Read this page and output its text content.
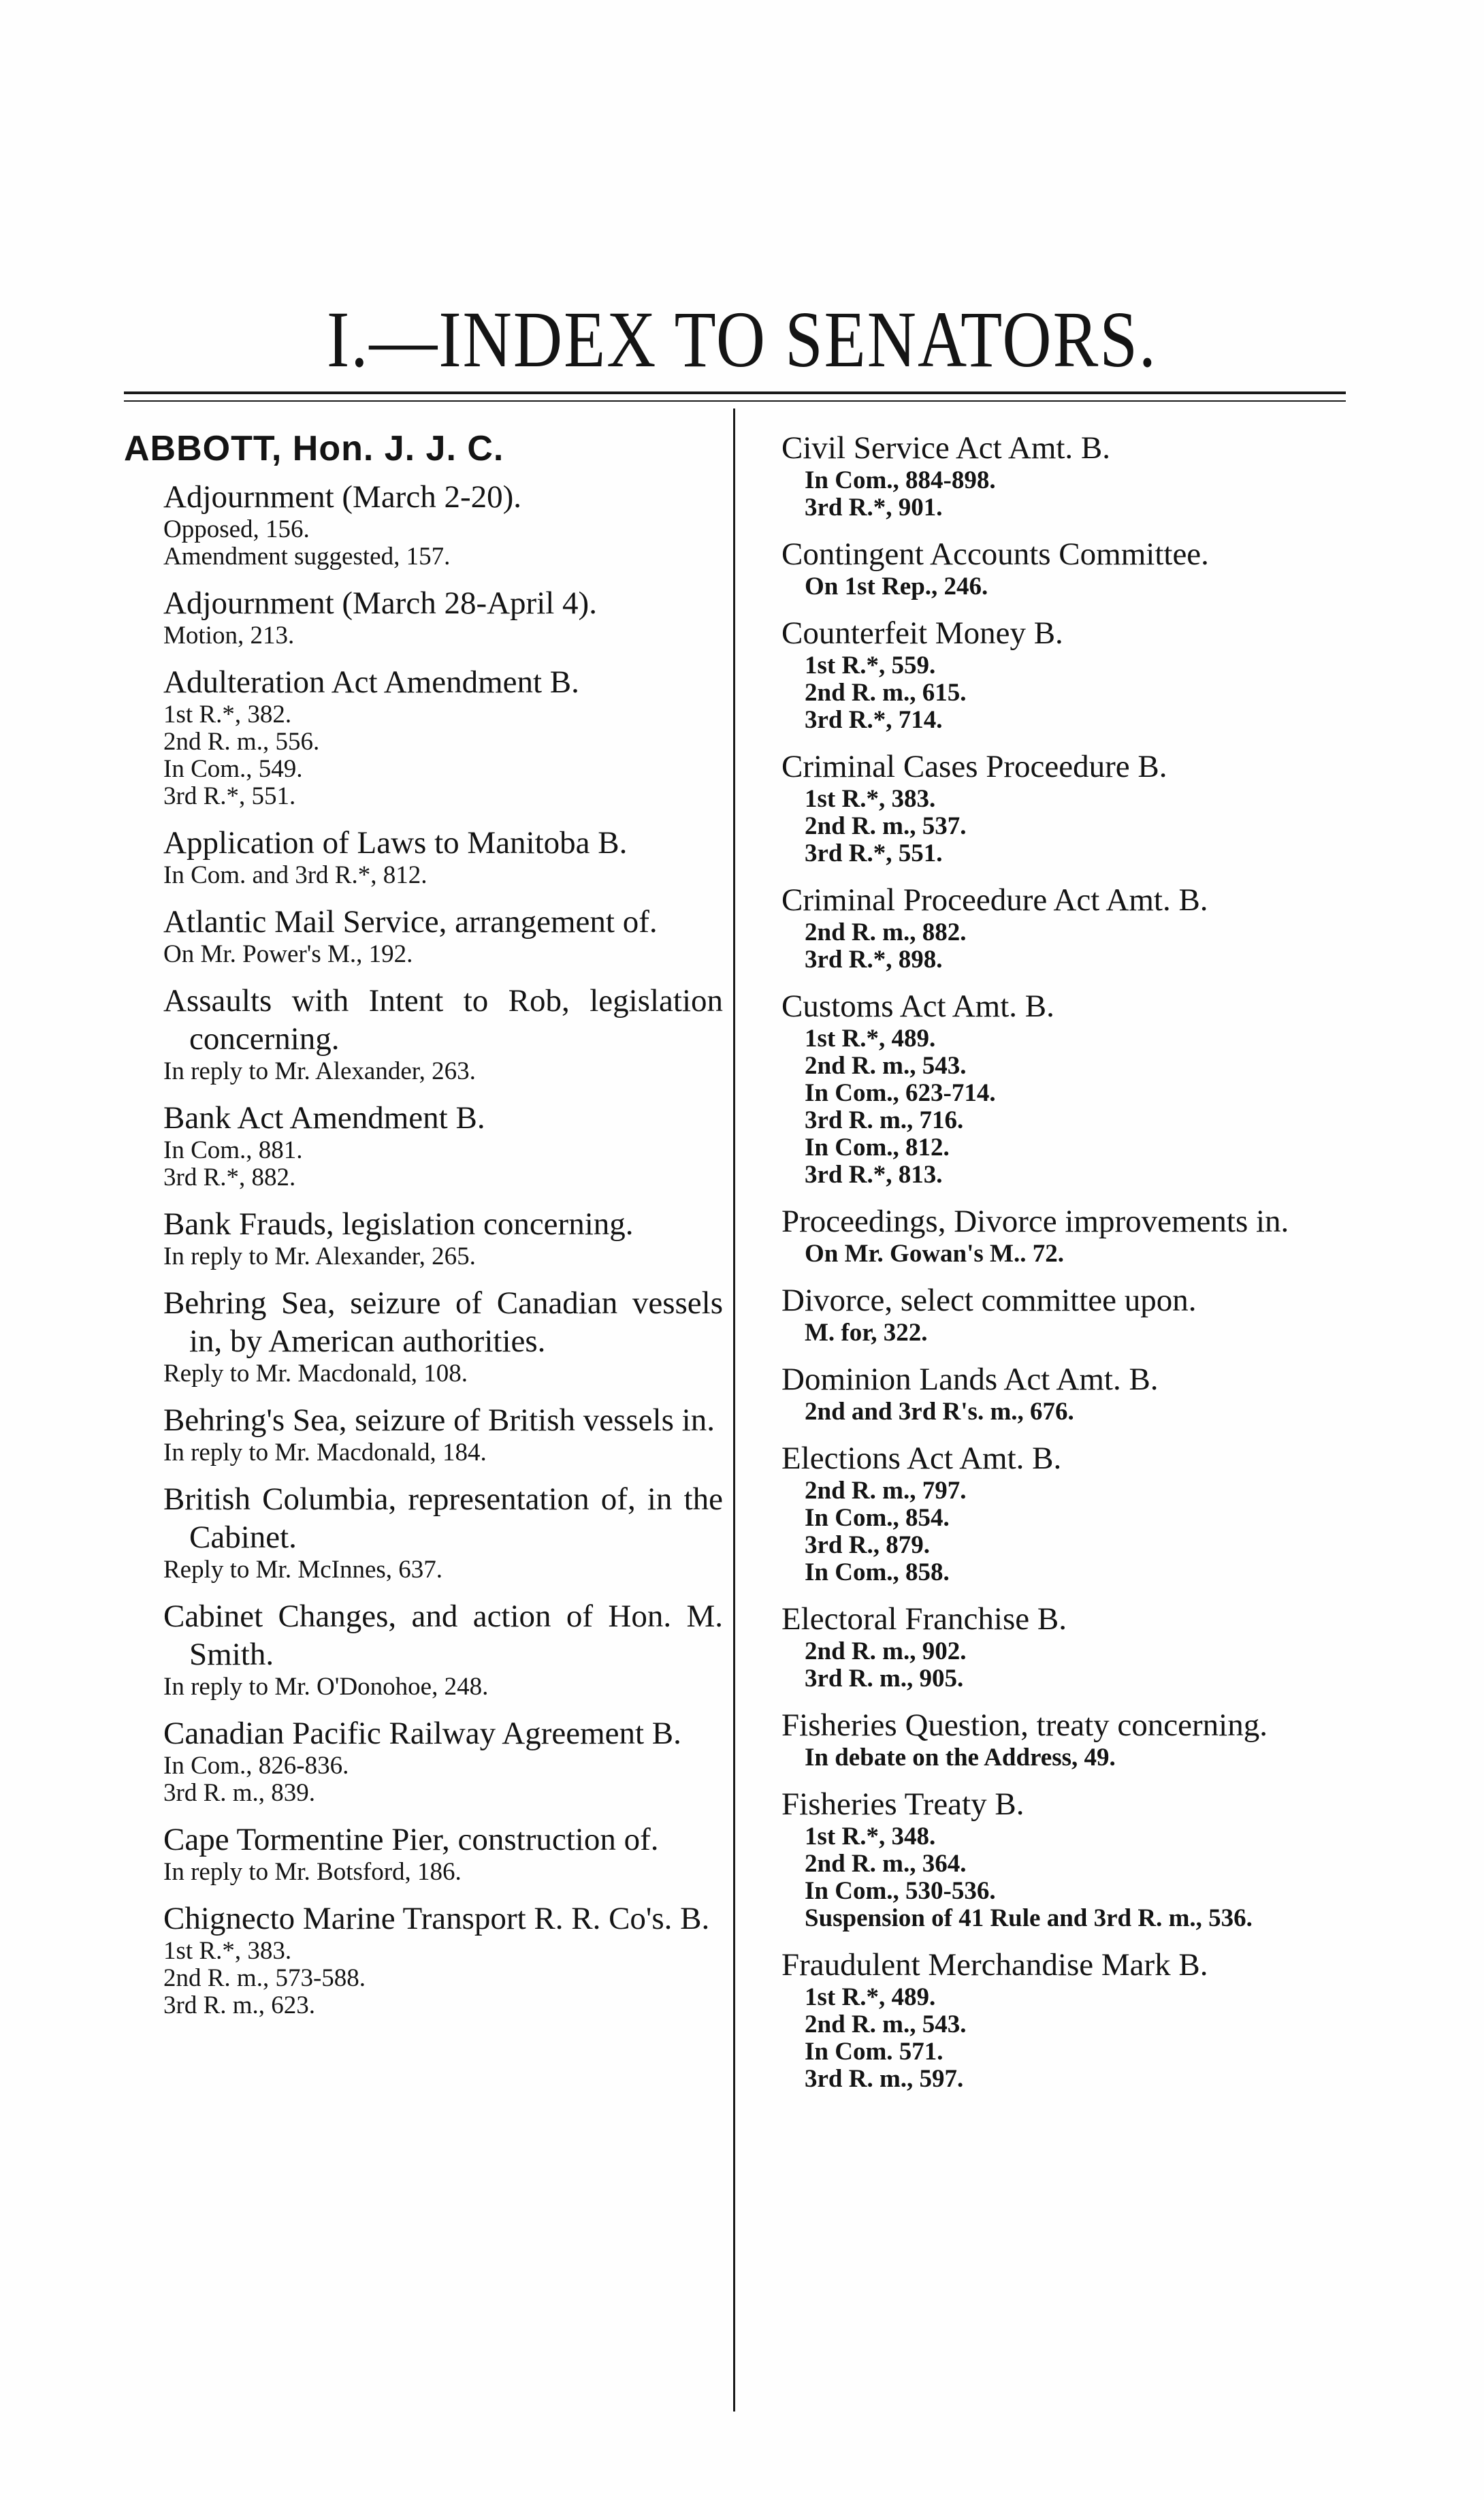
I.—INDEX TO SENATORS.
ABBOTT, Hon. J. J. C.
Adjournment (March 2-20).
Opposed, 156.
Amendment suggested, 157.
Adjournment (March 28-April 4).
Motion, 213.
Adulteration Act Amendment B.
1st R.*, 382.
2nd R. m., 556.
In Com., 549.
3rd R.*, 551.
Application of Laws to Manitoba B.
In Com. and 3rd R.*, 812.
Atlantic Mail Service, arrangement of.
On Mr. Power's M., 192.
Assaults with Intent to Rob, legislation concerning.
In reply to Mr. Alexander, 263.
Bank Act Amendment B.
In Com., 881.
3rd R.*, 882.
Bank Frauds, legislation concerning.
In reply to Mr. Alexander, 265.
Behring Sea, seizure of Canadian vessels in, by American authorities.
Reply to Mr. Macdonald, 108.
Behring's Sea, seizure of British vessels in.
In reply to Mr. Macdonald, 184.
British Columbia, representation of, in the Cabinet.
Reply to Mr. McInnes, 637.
Cabinet Changes, and action of Hon. M. Smith.
In reply to Mr. O'Donohoe, 248.
Canadian Pacific Railway Agreement B.
In Com., 826-836.
3rd R. m., 839.
Cape Tormentine Pier, construction of.
In reply to Mr. Botsford, 186.
Chignecto Marine Transport R. R. Co's. B.
1st R.*, 383.
2nd R. m., 573-588.
3rd R. m., 623.
Civil Service Act Amt. B.
In Com., 884-898.
3rd R.*, 901.
Contingent Accounts Committee.
On 1st Rep., 246.
Counterfeit Money B.
1st R.*, 559.
2nd R. m., 615.
3rd R.*, 714.
Criminal Cases Proceedure B.
1st R.*, 383.
2nd R. m., 537.
3rd R.*, 551.
Criminal Proceedure Act Amt. B.
2nd R. m., 882.
3rd R.*, 898.
Customs Act Amt. B.
1st R.*, 489.
2nd R. m., 543.
In Com., 623-714.
3rd R. m., 716.
In Com., 812.
3rd R.*, 813.
Proceedings, Divorce improvements in.
On Mr. Gowan's M.. 72.
Divorce, select committee upon.
M. for, 322.
Dominion Lands Act Amt. B.
2nd and 3rd R's. m., 676.
Elections Act Amt. B.
2nd R. m., 797.
In Com., 854.
3rd R., 879.
In Com., 858.
Electoral Franchise B.
2nd R. m., 902.
3rd R. m., 905.
Fisheries Question, treaty concerning.
In debate on the Address, 49.
Fisheries Treaty B.
1st R.*, 348.
2nd R. m., 364.
In Com., 530-536.
Suspension of 41 Rule and 3rd R. m., 536.
Fraudulent Merchandise Mark B.
1st R.*, 489.
2nd R. m., 543.
In Com. 571.
3rd R. m., 597.
